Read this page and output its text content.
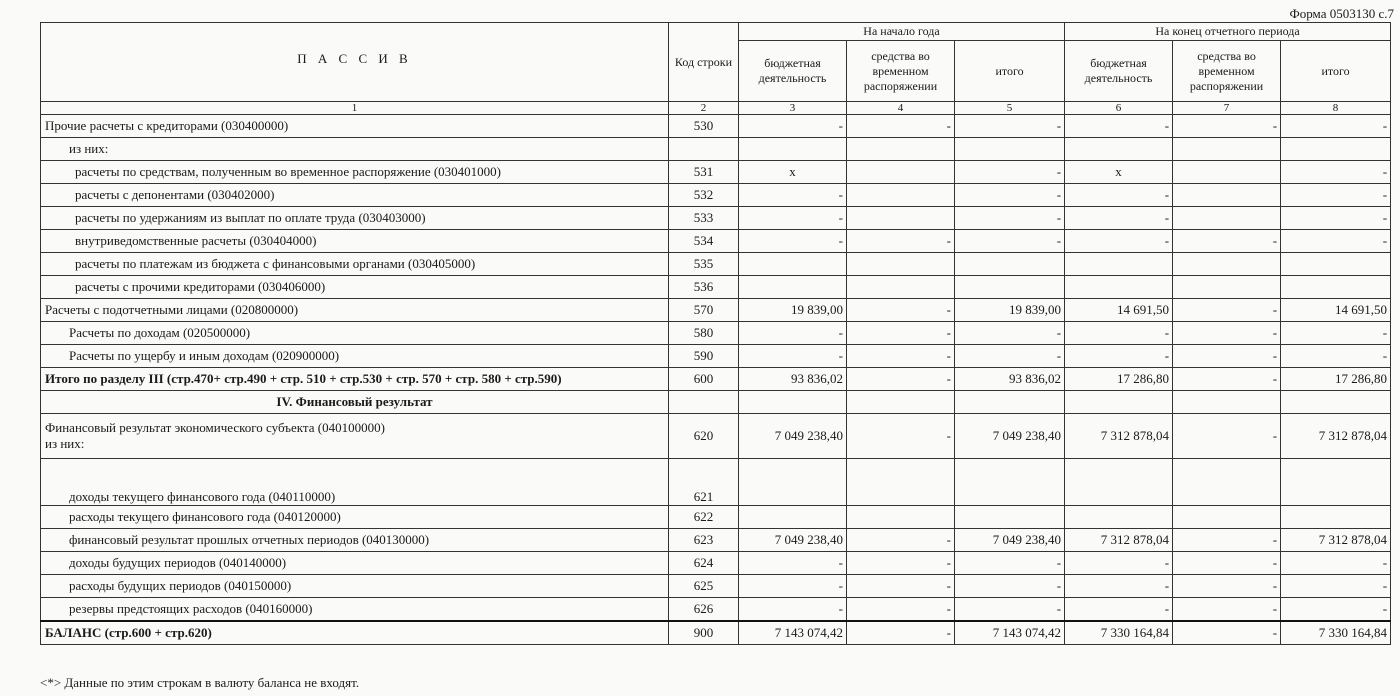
Форма 0503130 с.7
П А С С И В	Код строки	На начало года			На конец отчетного периода		
		бюджетная деятельность	средства во временном распоряжении	итого	бюджетная деятельность	средства во временном распоряжении	итого
1	2	3	4	5	6	7	8
Прочие расчеты с кредиторами (030400000)	530	-	-	-	-	-	-
из них:							
расчеты по средствам, полученным во временное распоряжение (030401000)	531	x		-	x		-
расчеты с депонентами (030402000)	532	-		-	-		-
расчеты по удержаниям из выплат по оплате труда (030403000)	533	-		-	-		-
внутриведомственные расчеты (030404000)	534	-	-	-	-	-	-
расчеты по платежам из бюджета с финансовыми органами (030405000)	535						
расчеты с прочими кредиторами (030406000)	536						
Расчеты с подотчетными лицами (020800000)	570	19 839,00	-	19 839,00	14 691,50	-	14 691,50
Расчеты по доходам (020500000)	580	-	-	-	-	-	-
Расчеты по ущербу и иным доходам (020900000)	590	-	-	-	-	-	-
Итого по разделу III (стр.470+ стр.490 + стр. 510 + стр.530 + стр. 570 + стр. 580 + стр.590)	600	93 836,02	-	93 836,02	17 286,80	-	17 286,80
IV. Финансовый результат							

Финансовый результат экономического субъекта (040100000)
из них:	620	7 049 238,40	-	7 049 238,40	7 312 878,04	-	7 312 878,04
доходы текущего финансового года (040110000)	621						
расходы текущего финансового года (040120000)	622						
финансовый результат прошлых отчетных периодов (040130000)	623	7 049 238,40	-	7 049 238,40	7 312 878,04	-	7 312 878,04
доходы будущих периодов (040140000)	624	-	-	-	-	-	-
расходы будущих периодов (040150000)	625	-	-	-	-	-	-
резервы предстоящих расходов (040160000)	626	-	-	-	-	-	-
БАЛАНС (стр.600 + стр.620)	900	7 143 074,42	-	7 143 074,42	7 330 164,84	-	7 330 164,84
<*> Данные по этим строкам в валюту баланса не входят.
